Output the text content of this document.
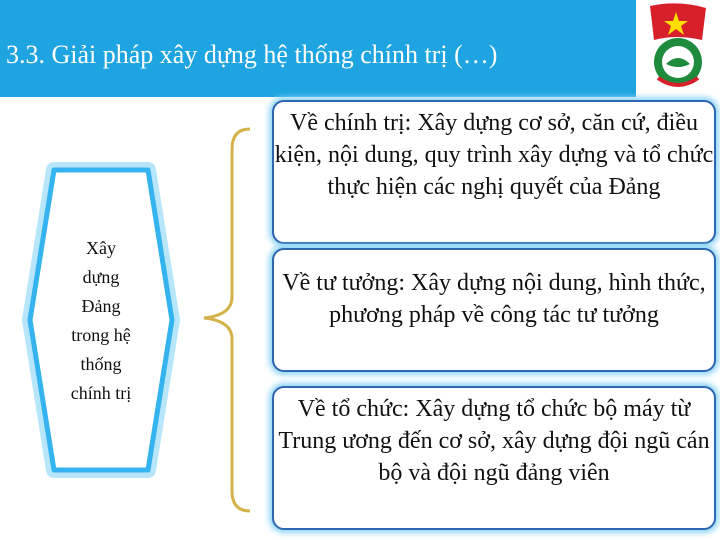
3.3. Giải pháp xây dựng hệ thống chính trị (…)
Xây
dựng
Đảng
trong hệ
thống
chính trị
Về chính trị: Xây dựng cơ sở, căn cứ, điều kiện, nội dung, quy trình xây dựng và tổ chức thực hiện các nghị quyết của Đảng
Về tư tưởng: Xây dựng nội dung, hình thức, phương pháp về công tác tư tưởng
Về tổ chức: Xây dựng tổ chức bộ máy từ Trung ương đến cơ sở, xây dựng đội ngũ cán bộ và đội ngũ đảng viên
